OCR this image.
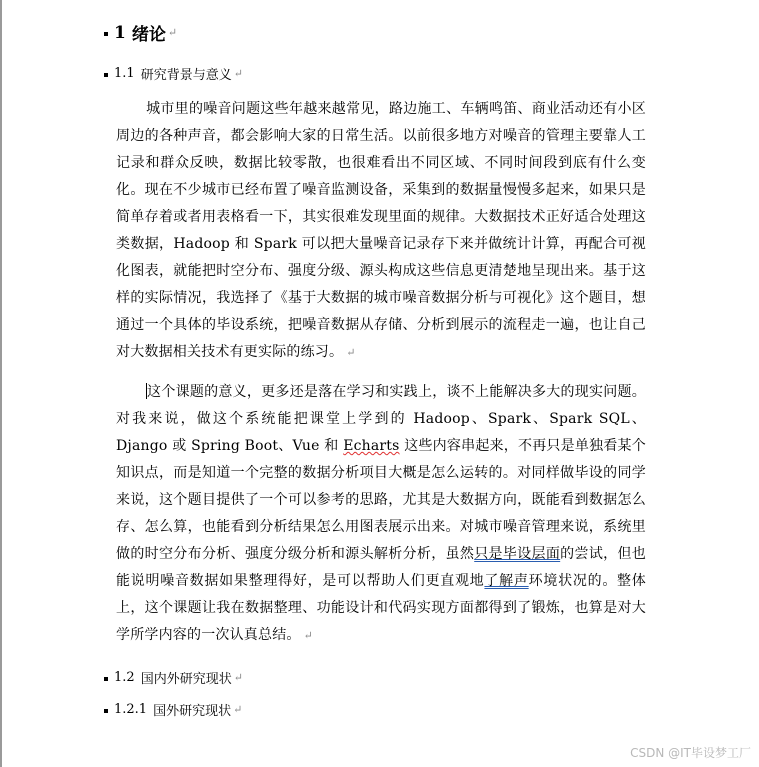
1 绪论 ↵
1.1 研究背景与意义 ↵
城市里的噪音问题这些年越来越常见，路边施工、车辆鸣笛、商业活动还有小区周边的各种声音，都会影响大家的日常生活。以前很多地方对噪音的管理主要靠人工记录和群众反映，数据比较零散，也很难看出不同区域、不同时间段到底有什么变化。现在不少城市已经布置了噪音监测设备，采集到的数据量慢慢多起来，如果只是简单存着或者用表格看一下，其实很难发现里面的规律。大数据技术正好适合处理这类数据，Hadoop 和 Spark 可以把大量噪音记录存下来并做统计计算，再配合可视化图表，就能把时空分布、强度分级、源头构成这些信息更清楚地呈现出来。基于这样的实际情况，我选择了《基于大数据的城市噪音数据分析与可视化》这个题目，想通过一个具体的毕设系统，把噪音数据从存储、分析到展示的流程走一遍，也让自己对大数据相关技术有更实际的练习。 ↵
这个课题的意义，更多还是落在学习和实践上，谈不上能解决多大的现实问题。对我来说，做这个系统能把课堂上学到的 Hadoop、Spark、Spark SQL、Django 或 Spring Boot、Vue 和 Echarts 这些内容串起来，不再只是单独看某个知识点，而是知道一个完整的数据分析项目大概是怎么运转的。对同样做毕设的同学来说，这个题目提供了一个可以参考的思路，尤其是大数据方向，既能看到数据怎么存、怎么算，也能看到分析结果怎么用图表展示出来。对城市噪音管理来说，系统里做的时空分布分析、强度分级分析和源头解析分析，虽然只是毕设层面的尝试，但也能说明噪音数据如果整理得好，是可以帮助人们更直观地了解声环境状况的。整体上，这个课题让我在数据整理、功能设计和代码实现方面都得到了锻炼，也算是对大学所学内容的一次认真总结。 ↵
1.2 国内外研究现状 ↵
1.2.1 国外研究现状 ↵
CSDN @IT毕设梦工厂
